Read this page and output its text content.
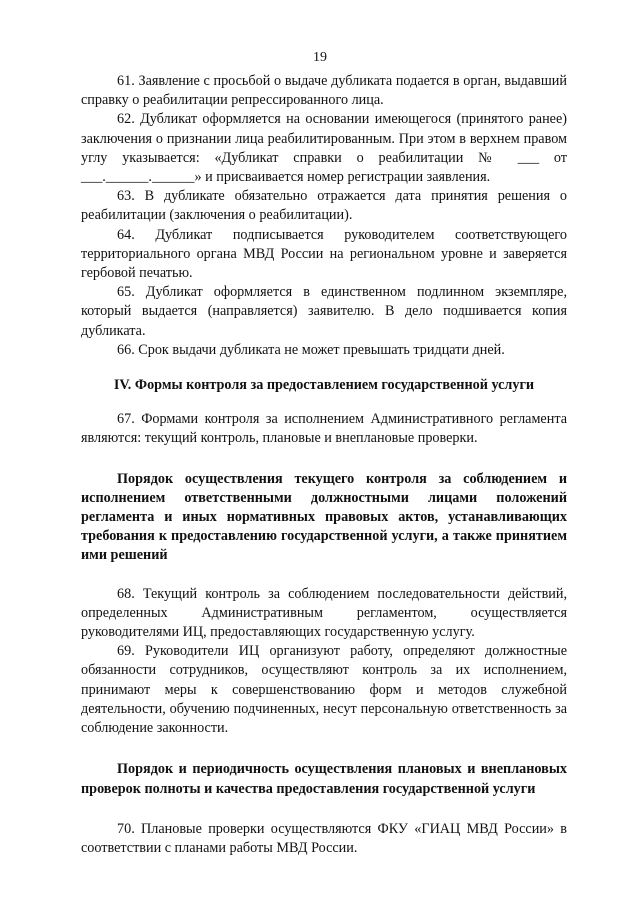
19

61. Заявление с просьбой о выдаче дубликата подается в орган, выдавший справку о реабилитации репрессированного лица.

62. Дубликат оформляется на основании имеющегося (принятого ранее) заключения о признании лица реабилитированным. При этом в верхнем правом углу указывается: «Дубликат справки о реабилитации № ___ от ___.______.______» и присваивается номер регистрации заявления.

63. В дубликате обязательно отражается дата принятия решения о реабилитации (заключения о реабилитации).

64. Дубликат подписывается руководителем соответствующего территориального органа МВД России на региональном уровне и заверяется гербовой печатью.

65. Дубликат оформляется в единственном подлинном экземпляре, который выдается (направляется) заявителю. В дело подшивается копия дубликата.

66. Срок выдачи дубликата не может превышать тридцати дней.

IV. Формы контроля за предоставлением государственной услуги

67. Формами контроля за исполнением Административного регламента являются: текущий контроль, плановые и внеплановые проверки.

Порядок осуществления текущего контроля за соблюдением и исполнением ответственными должностными лицами положений регламента и иных нормативных правовых актов, устанавливающих требования к предоставлению государственной услуги, а также принятием ими решений

68. Текущий контроль за соблюдением последовательности действий, определенных Административным регламентом, осуществляется руководителями ИЦ, предоставляющих государственную услугу.

69. Руководители ИЦ организуют работу, определяют должностные обязанности сотрудников, осуществляют контроль за их исполнением, принимают меры к совершенствованию форм и методов служебной деятельности, обучению подчиненных, несут персональную ответственность за соблюдение законности.

Порядок и периодичность осуществления плановых и внеплановых проверок полноты и качества предоставления государственной услуги

70. Плановые проверки осуществляются ФКУ «ГИАЦ МВД России» в соответствии с планами работы МВД России.
